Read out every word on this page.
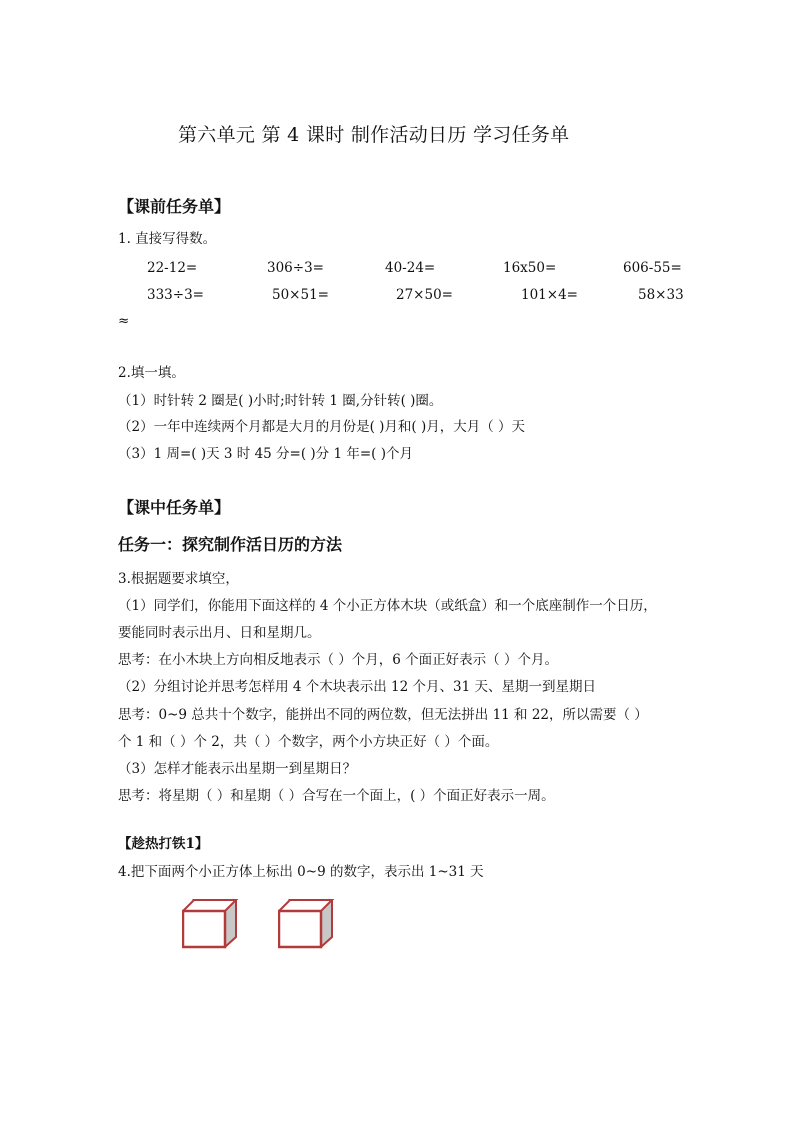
第六单元 第 4 课时 制作活动日历 学习任务单
【课前任务单】
1. 直接写得数。
22-12=	306÷3=	40-24=	16x50=	606-55=
333÷3=	50×51=	27×50=	101×4=	58×33
≈
2.填一填。
（1）时针转 2 圈是( )小时;时针转 1 圈,分针转( )圈。
（2）一年中连续两个月都是大月的月份是( )月和( )月，大月（ ）天
（3）1 周=( )天 3 时 45 分=( )分 1 年=( )个月
【课中任务单】
任务一：探究制作活日历的方法
3.根据题要求填空，
（1）同学们，你能用下面这样的 4 个小正方体木块（或纸盒）和一个底座制作一个日历，
要能同时表示出月、日和星期几。
思考：在小木块上方向相反地表示（ ）个月，6 个面正好表示（ ）个月。
（2）分组讨论并思考怎样用 4 个木块表示出 12 个月、31 天、星期一到星期日
思考：0~9 总共十个数字，能拼出不同的两位数，但无法拼出 11 和 22，所以需要（ ）
个 1 和（ ）个 2，共（ ）个数字，两个小方块正好（ ）个面。
（3）怎样才能表示出星期一到星期日？
思考：将星期（ ）和星期（ ）合写在一个面上，( ）个面正好表示一周。
【趁热打铁1】
4.把下面两个小正方体上标出 0~9 的数字，表示出 1~31 天
